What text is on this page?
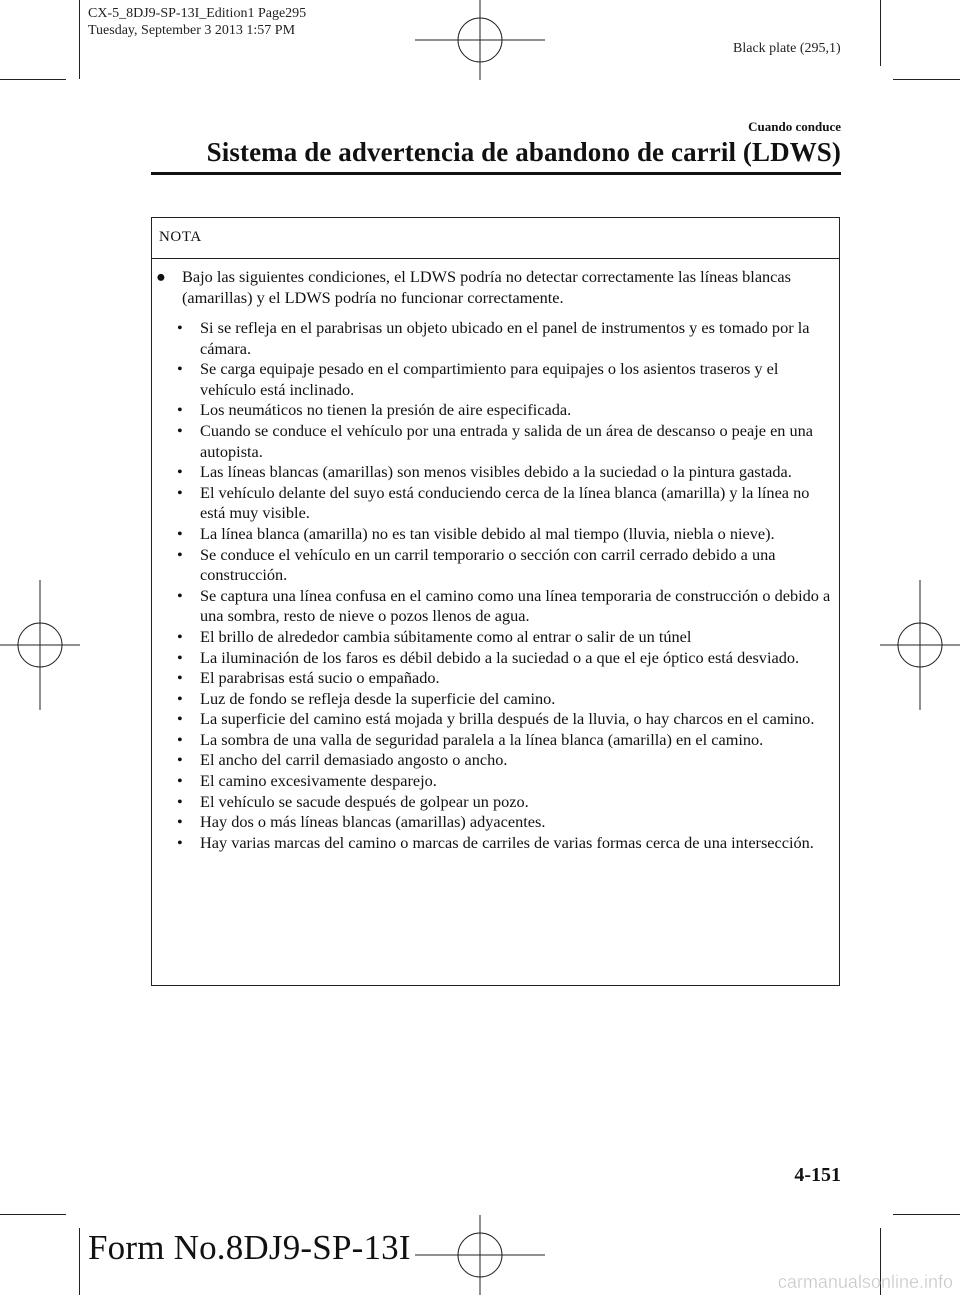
CX-5_8DJ9-SP-13I_Edition1 Page295
Tuesday, September 3 2013 1:57 PM
Black plate (295,1)
Cuando conduce
Sistema de advertencia de abandono de carril (LDWS)
NOTA
● Bajo las siguientes condiciones, el LDWS podría no detectar correctamente las líneas blancas (amarillas) y el LDWS podría no funcionar correctamente.
• Si se refleja en el parabrisas un objeto ubicado en el panel de instrumentos y es tomado por la cámara.
• Se carga equipaje pesado en el compartimiento para equipajes o los asientos traseros y el vehículo está inclinado.
• Los neumáticos no tienen la presión de aire especificada.
• Cuando se conduce el vehículo por una entrada y salida de un área de descanso o peaje en una autopista.
• Las líneas blancas (amarillas) son menos visibles debido a la suciedad o la pintura gastada.
• El vehículo delante del suyo está conduciendo cerca de la línea blanca (amarilla) y la línea no está muy visible.
• La línea blanca (amarilla) no es tan visible debido al mal tiempo (lluvia, niebla o nieve).
• Se conduce el vehículo en un carril temporario o sección con carril cerrado debido a una construcción.
• Se captura una línea confusa en el camino como una línea temporaria de construcción o debido a una sombra, resto de nieve o pozos llenos de agua.
• El brillo de alrededor cambia súbitamente como al entrar o salir de un túnel
• La iluminación de los faros es débil debido a la suciedad o a que el eje óptico está desviado.
• El parabrisas está sucio o empañado.
• Luz de fondo se refleja desde la superficie del camino.
• La superficie del camino está mojada y brilla después de la lluvia, o hay charcos en el camino.
• La sombra de una valla de seguridad paralela a la línea blanca (amarilla) en el camino.
• El ancho del carril demasiado angosto o ancho.
• El camino excesivamente desparejo.
• El vehículo se sacude después de golpear un pozo.
• Hay dos o más líneas blancas (amarillas) adyacentes.
• Hay varias marcas del camino o marcas de carriles de varias formas cerca de una intersección.
4-151
Form No.8DJ9-SP-13I
carmanualsonline.info
